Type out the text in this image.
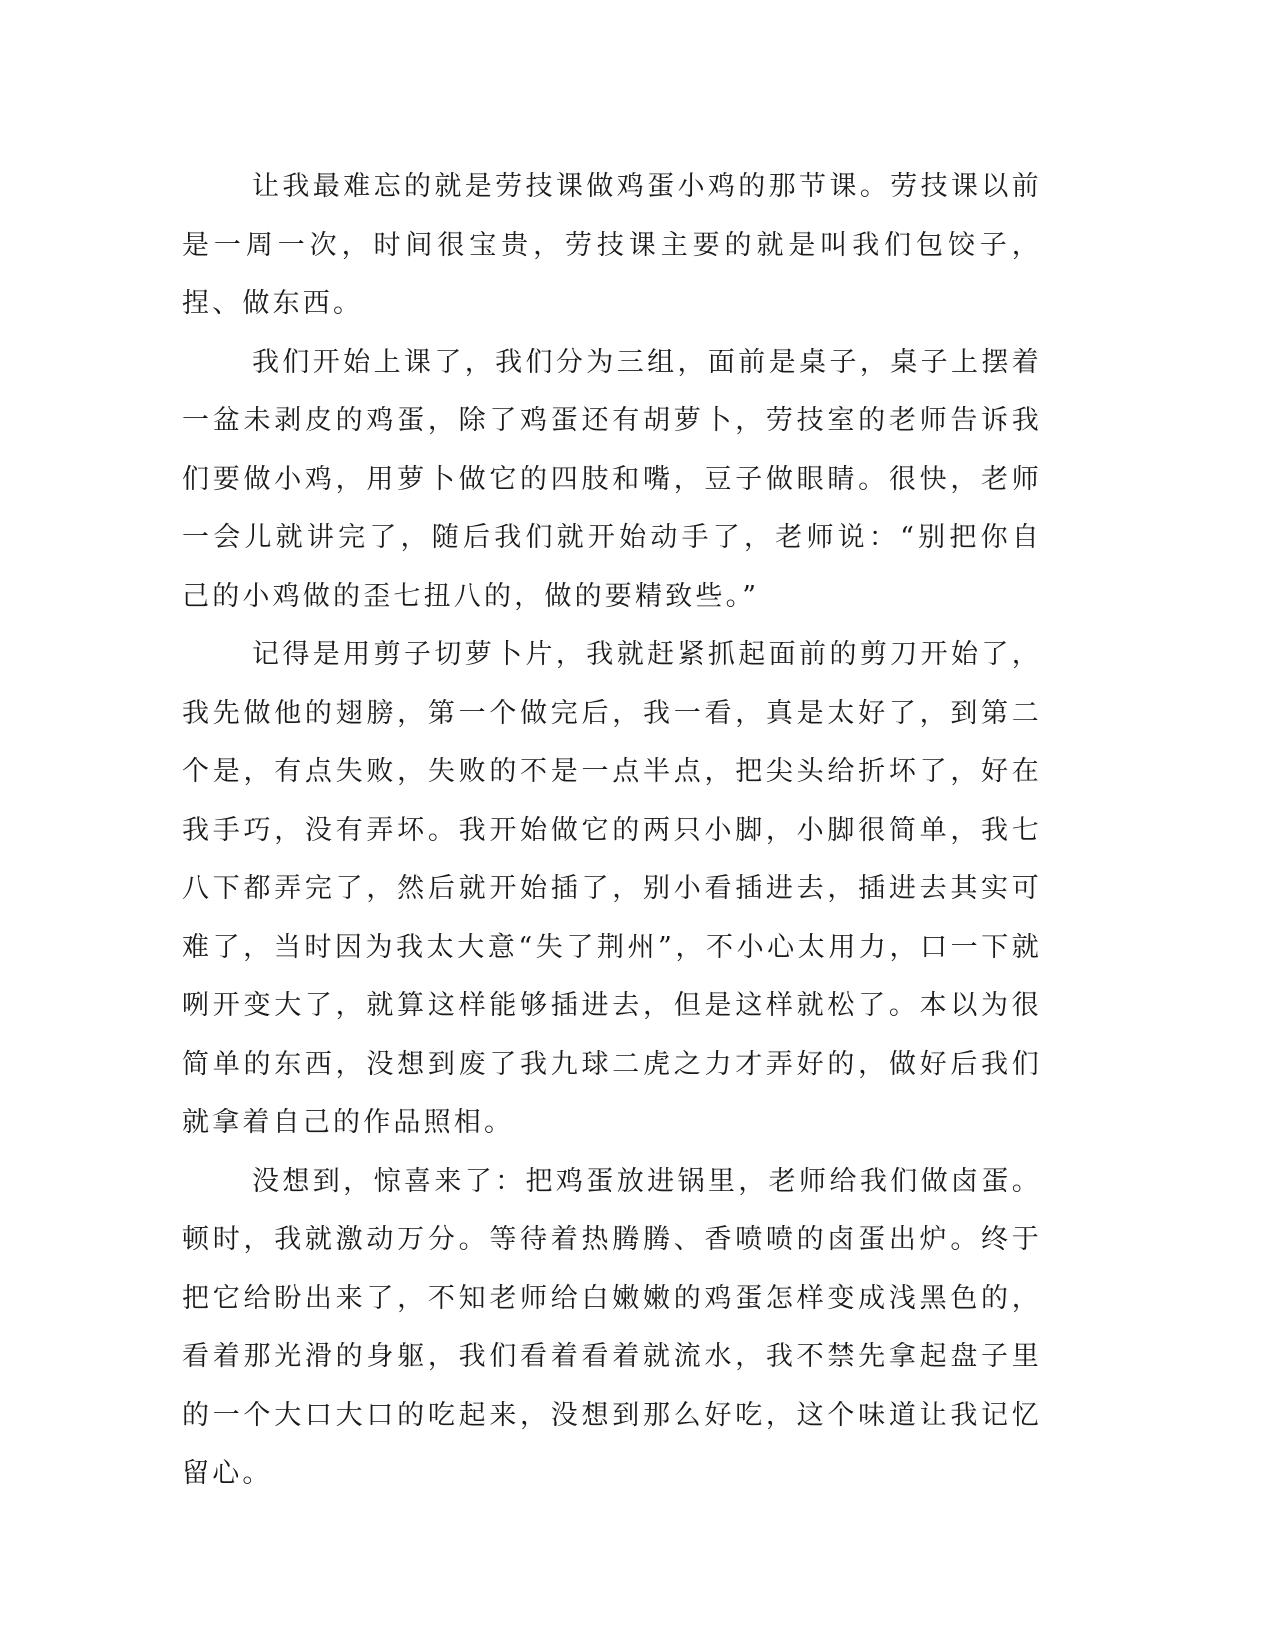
让我最难忘的就是劳技课做鸡蛋小鸡的那节课。劳技课以前是一周一次，时间很宝贵，劳技课主要的就是叫我们包饺子，捏、做东西。

我们开始上课了，我们分为三组，面前是桌子，桌子上摆着一盆未剥皮的鸡蛋，除了鸡蛋还有胡萝卜，劳技室的老师告诉我们要做小鸡，用萝卜做它的四肢和嘴，豆子做眼睛。很快，老师一会儿就讲完了，随后我们就开始动手了，老师说：“别把你自己的小鸡做的歪七扭八的，做的要精致些。”

记得是用剪子切萝卜片，我就赶紧抓起面前的剪刀开始了，我先做他的翅膀，第一个做完后，我一看，真是太好了，到第二个是，有点失败，失败的不是一点半点，把尖头给折坏了，好在我手巧，没有弄坏。我开始做它的两只小脚，小脚很简单，我七八下都弄完了，然后就开始插了，别小看插进去，插进去其实可难了，当时因为我太大意“失了荆州”，不小心太用力，口一下就咧开变大了，就算这样能够插进去，但是这样就松了。本以为很简单的东西，没想到废了我九球二虎之力才弄好的，做好后我们就拿着自己的作品照相。

没想到，惊喜来了：把鸡蛋放进锅里，老师给我们做卤蛋。顿时，我就激动万分。等待着热腾腾、香喷喷的卤蛋出炉。终于把它给盼出来了，不知老师给白嫩嫩的鸡蛋怎样变成浅黑色的，看着那光滑的身躯，我们看着看着就流水，我不禁先拿起盘子里的一个大口大口的吃起来，没想到那么好吃，这个味道让我记忆留心。
